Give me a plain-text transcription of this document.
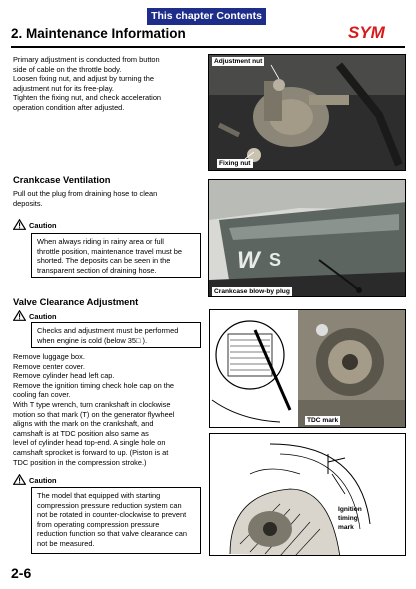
This chapter Contents
SYM
2. Maintenance Information
Primary adjustment is conducted from button
side of cable on the throttle body.
Loosen fixing nut, and adjust by turning the
adjustment nut for its free-play.
Tighten the fixing nut, and check acceleration
operation condition after adjusted.
Adjustment nut
Fixing nut
Crankcase Ventilation
Pull out the plug from draining hose to clean
deposits.
Caution
When always riding in rainy area or full
throttle position, maintenance travel must be
shorted. The deposits can be seen in the
transparent section of draining hose.	W S
Crankcase blow-by plug
Valve Clearance Adjustment
Caution
Checks and adjustment must be performed
when engine is cold (below 35□ ).
Remove luggage box.
Remove center cover.
Remove cylinder head left cap.
Remove the ignition timing check hole cap on the
cooling fan cover.
With T type wrench, turn crankshaft in clockwise
motion so that mark (T) on the generator flywheel
aligns with the mark on the crankshaft, and
camshaft is at TDC position also same as
level of cylinder head top-end. A single hole on
camshaft sprocket is forward to up. (Piston is at
TDC position in the compression stroke.)
Caution
The model that equipped with starting
compression pressure reduction system can
not be rotated in counter-clockwise to prevent
from operating compression pressure
reduction function so that valve clearance can
not be measured.
TDC mark
Ignition
timing
mark
2-6
